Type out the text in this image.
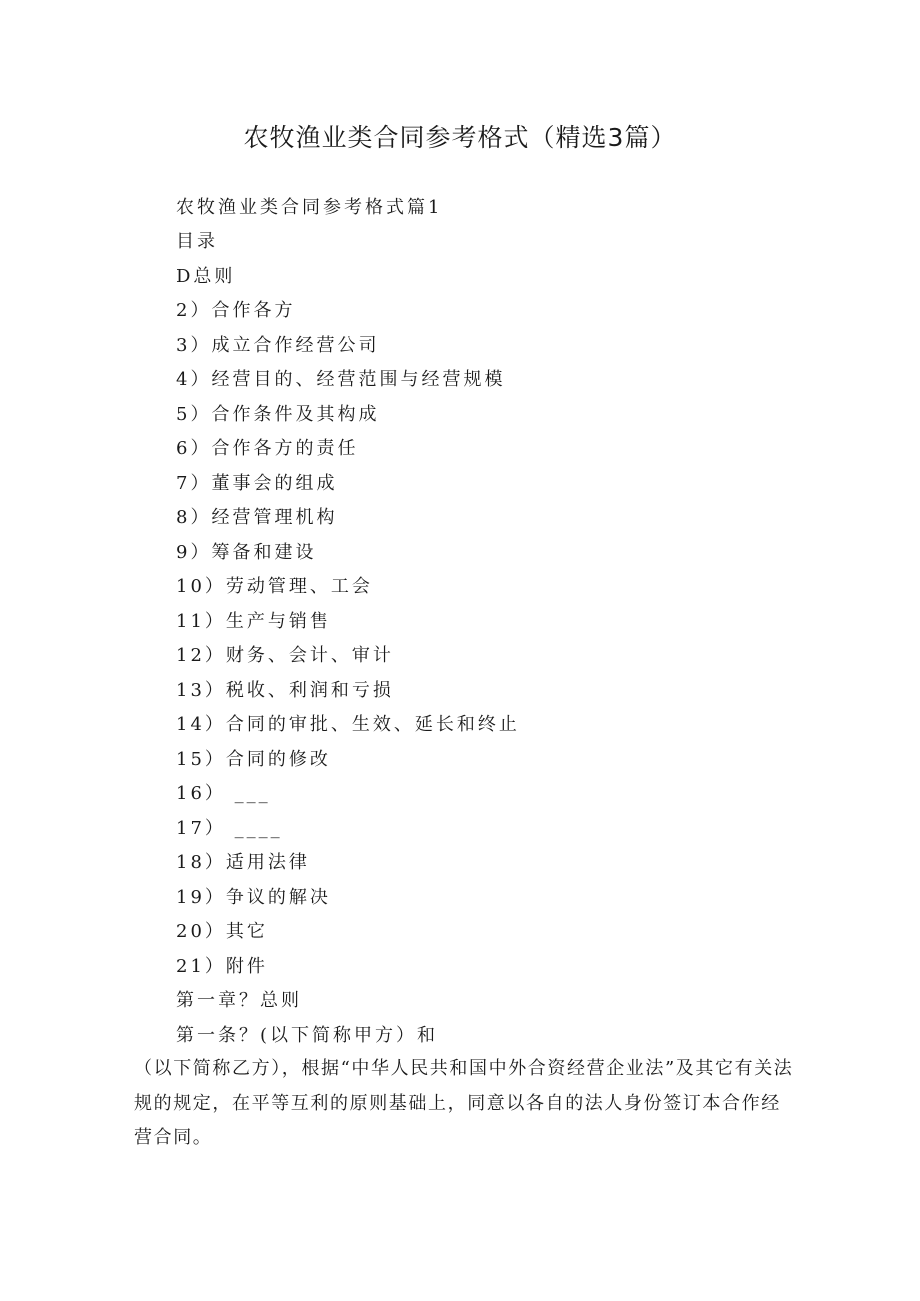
农牧渔业类合同参考格式（精选3篇）
农牧渔业类合同参考格式篇1
目录
D总则
2）合作各方
3）成立合作经营公司
4）经营目的、经营范围与经营规模
5）合作条件及其构成
6）合作各方的责任
7）董事会的组成
8）经营管理机构
9）筹备和建设
10）劳动管理、工会
11）生产与销售
12）财务、会计、审计
13）税收、利润和亏损
14）合同的审批、生效、延长和终止
15）合同的修改
16） ___
17） ____
18）适用法律
19）争议的解决
20）其它
21）附件
第一章？总则
第一条？(以下简称甲方）和
（以下简称乙方），根据“中华人民共和国中外合资经营企业法”及其它有关法规的规定，在平等互利的原则基础上，同意以各自的法人身份签订本合作经营合同。
